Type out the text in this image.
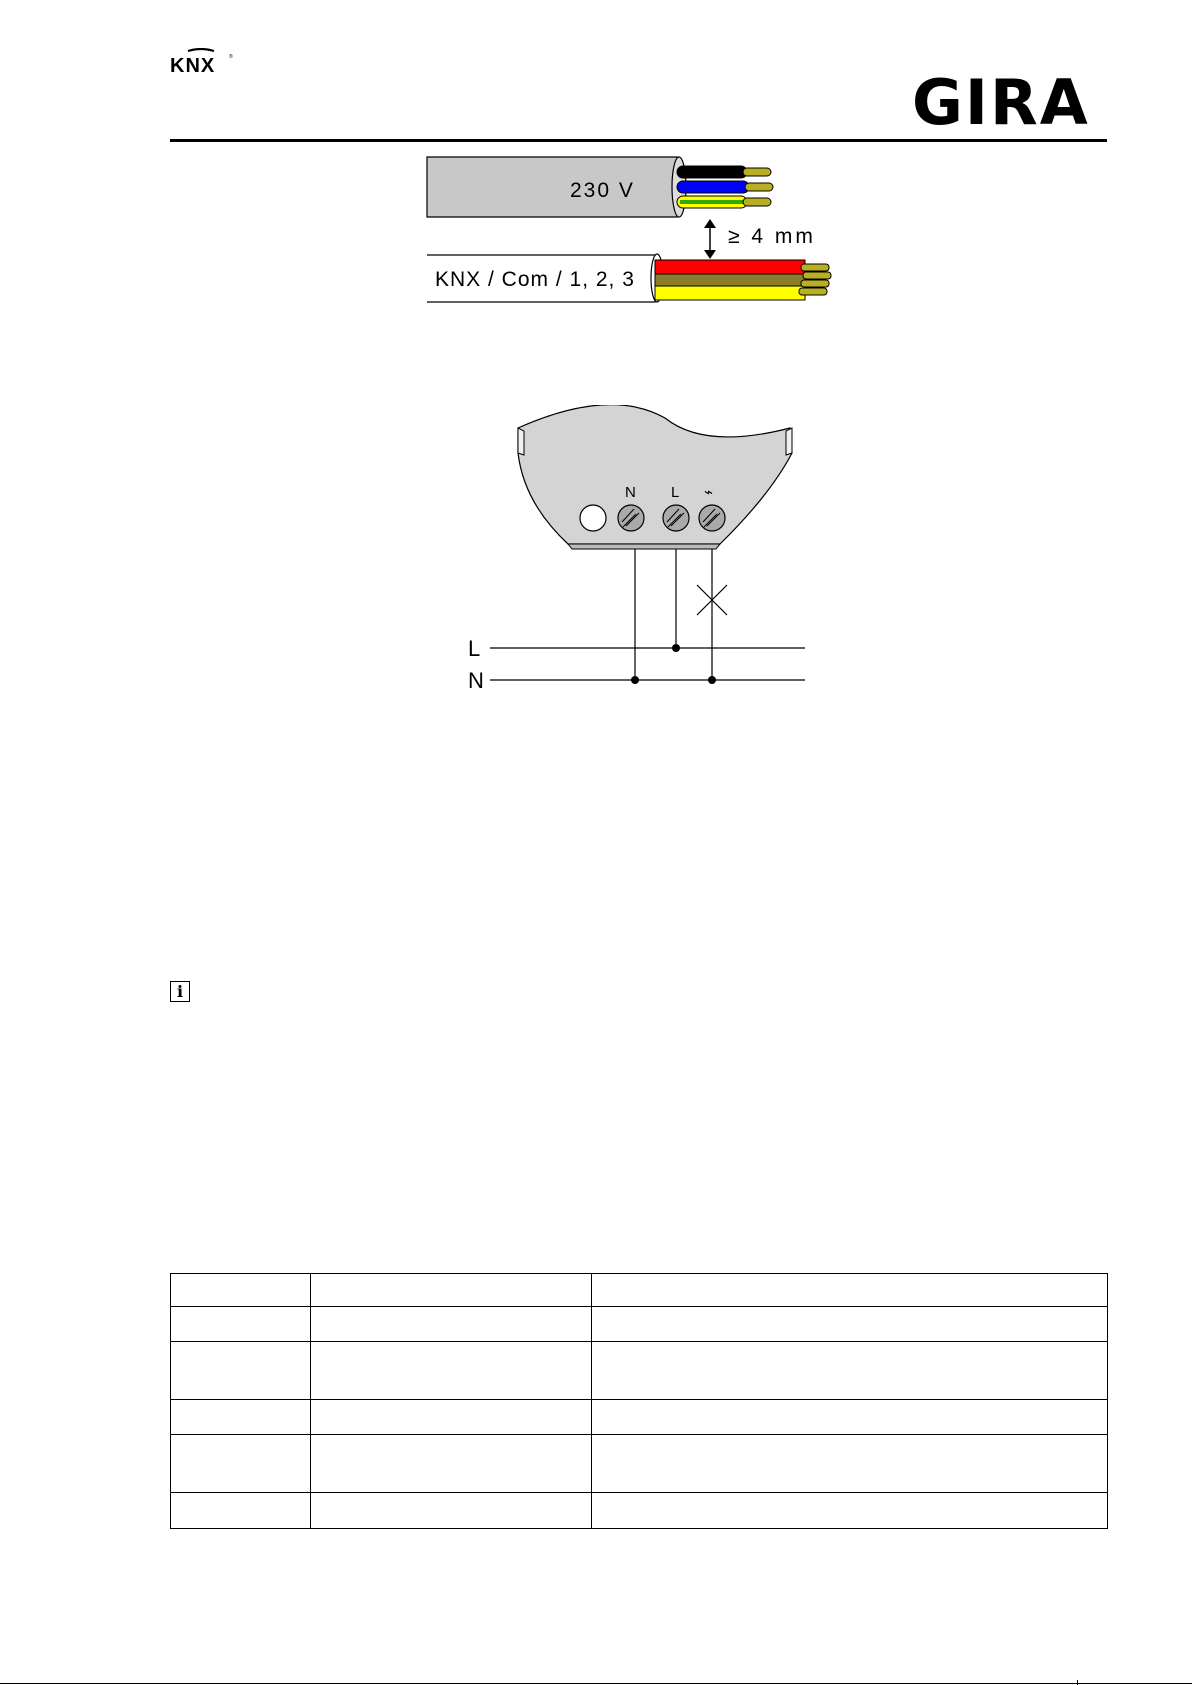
KNX	®
GIRA
230 V
≥ 4 mm
KNX / Com / 1, 2, 3
N L ⌁
L
N
i
